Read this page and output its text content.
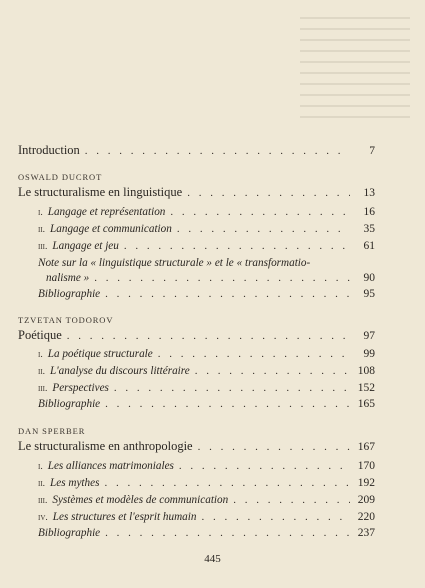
Introduction . . .	7
OSWALD DUCROT
Le structuralisme en linguistique . . .	13
i. Langage et représentation . . .	16
ii. Langage et communication . . .	35
iii. Langage et jeu . . .	61
Note sur la « linguistique structurale » et le « transformatio-
nalisme » . . .	90
Bibliographie . . .	95
TZVETAN TODOROV
Poétique . . .	97
i. La poétique structurale . . .	99
ii. L'analyse du discours littéraire . . .	108
iii. Perspectives . . .	152
Bibliographie . . .	165
DAN SPERBER
Le structuralisme en anthropologie . . .	167
i. Les alliances matrimoniales . . .	170
ii. Les mythes . . .	192
iii. Systèmes et modèles de communication . . .	209
iv. Les structures et l'esprit humain . . .	220
Bibliographie . . .	237
445
